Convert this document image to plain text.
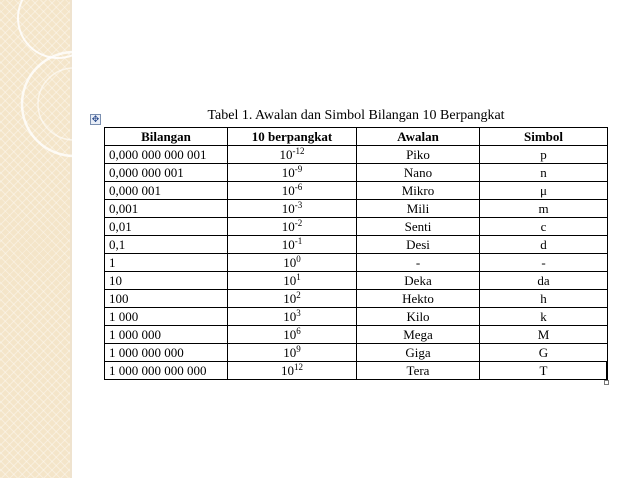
✥	Tabel 1. Awalan dan Simbol Bilangan 10 Berpangkat
Bilangan	10 berpangkat	Awalan	Simbol
0,000 000 000 001	$10^{-12}$	Piko	p
0,000 000 001	$10^{-9}$	Nano	n
0,000 001	$10^{-6}$	Mikro	μ
0,001	$10^{-3}$	Mili	m
0,01	$10^{-2}$	Senti	c
0,1	$10^{-1}$	Desi	d
1	$10^0$	-	-
10	$10^1$	Deka	da
100	$10^2$	Hekto	h
1 000	$10^3$	Kilo	k
1 000 000	$10^6$	Mega	M
1 000 000 000	$10^9$	Giga	G
1 000 000 000 000	$10^{12}$	Tera	T
